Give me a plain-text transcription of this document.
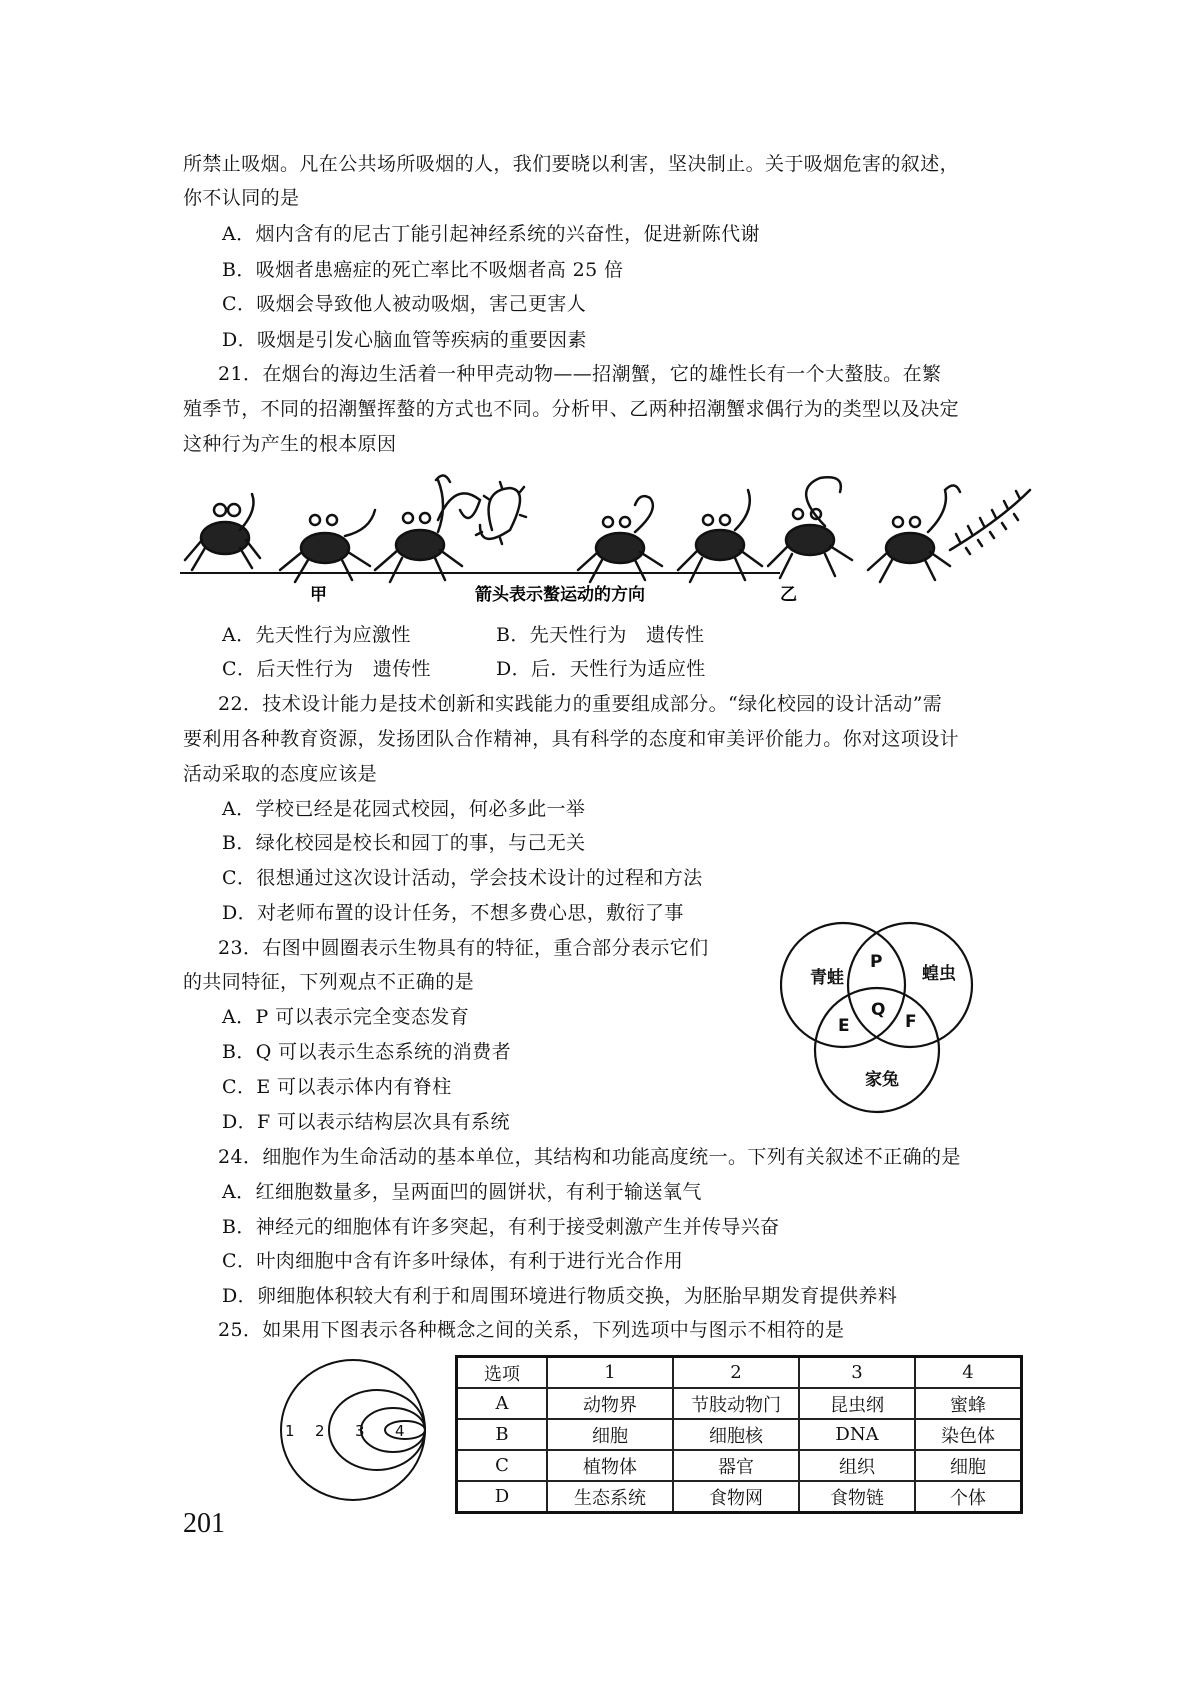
所禁止吸烟。凡在公共场所吸烟的人，我们要晓以利害，坚决制止。关于吸烟危害的叙述，
你不认同的是
A．烟内含有的尼古丁能引起神经系统的兴奋性，促进新陈代谢
B．吸烟者患癌症的死亡率比不吸烟者高 25 倍
C．吸烟会导致他人被动吸烟，害己更害人
D．吸烟是引发心脑血管等疾病的重要因素
21．在烟台的海边生活着一种甲壳动物——招潮蟹，它的雄性长有一个大螯肢。在繁
殖季节，不同的招潮蟹挥螯的方式也不同。分析甲、乙两种招潮蟹求偶行为的类型以及决定
这种行为产生的根本原因
甲	箭头表示螯运动的方向	乙
A．先天性行为应激性	B．先天性行为　遗传性
C．后天性行为　遗传性	D．后．天性行为适应性
22．技术设计能力是技术创新和实践能力的重要组成部分。“绿化校园的设计活动”需
要利用各种教育资源，发扬团队合作精神，具有科学的态度和审美评价能力。你对这项设计
活动采取的态度应该是
A．学校已经是花园式校园，何必多此一举
B．绿化校园是校长和园丁的事，与己无关
C．很想通过这次设计活动，学会技术设计的过程和方法
D．对老师布置的设计任务，不想多费心思，敷衍了事
23．右图中圆圈表示生物具有的特征，重合部分表示它们
的共同特征，下列观点不正确的是
A．P 可以表示完全变态发育
B．Q 可以表示生态系统的消费者
C．E 可以表示体内有脊柱
D．F 可以表示结构层次具有系统
青蛙	蝗虫
家兔
P
Q
E	F
24．细胞作为生命活动的基本单位，其结构和功能高度统一。下列有关叙述不正确的是
A．红细胞数量多，呈两面凹的圆饼状，有利于输送氧气
B．神经元的细胞体有许多突起，有利于接受刺激产生并传导兴奋
C．叶肉细胞中含有许多叶绿体，有利于进行光合作用
D．卵细胞体积较大有利于和周围环境进行物质交换，为胚胎早期发育提供养料
25．如果用下图表示各种概念之间的关系，下列选项中与图示不相符的是
1 2 3 4
选项	1	2	3	4
A	动物界	节肢动物门	昆虫纲	蜜蜂
B	细胞	细胞核	DNA	染色体
C	植物体	器官	组织	细胞
D	生态系统	食物网	食物链	个体
201
